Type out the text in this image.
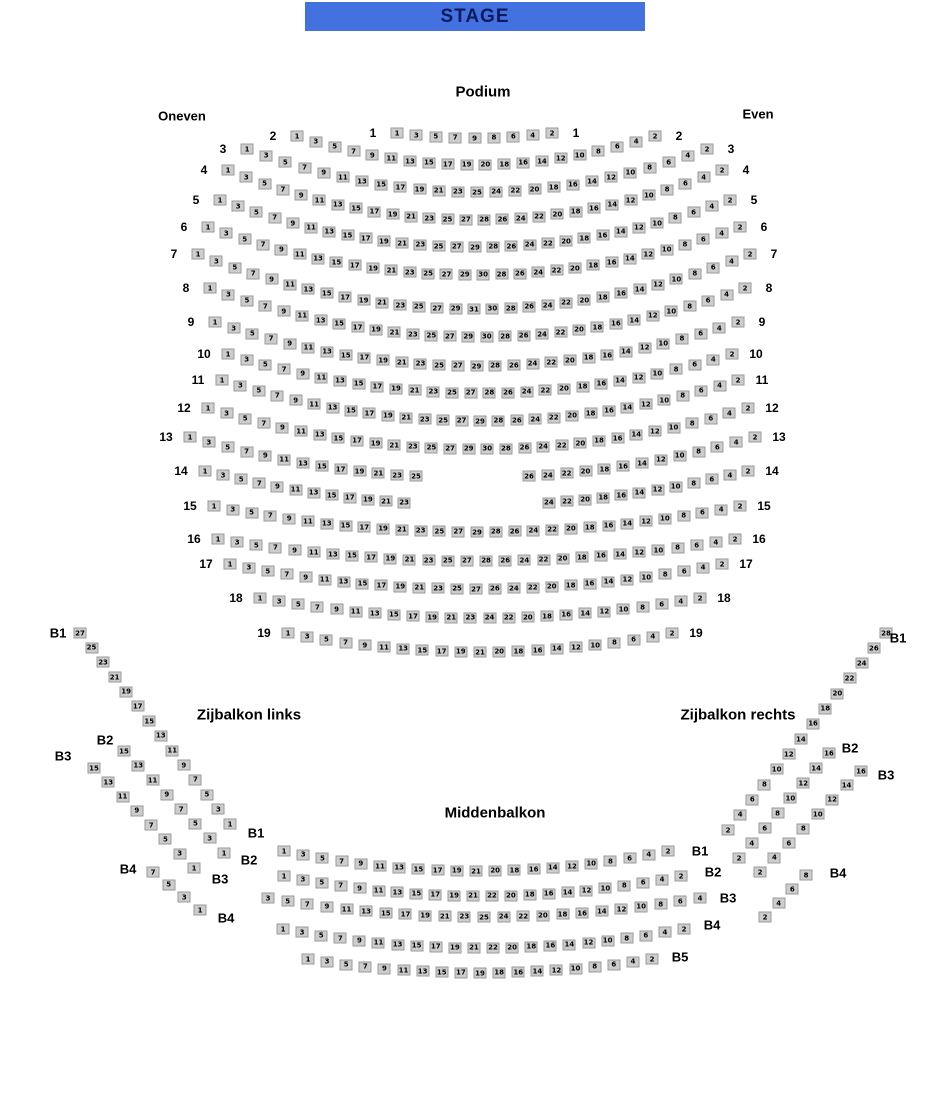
STAGE
Podium
Oneven	Even
Zijbalkon links	Zijbalkon rechts
Middenbalkon
1	3	5	7	9	8	6	4	2
1	1
1
3
5
7	9	11 13 15 17 19 20 18 16 14 12 10	8
6
4
2
2	2
1
3
5
7
9
11 13 15 17 19 21 23 25 24 22 20 18 16 14 12
10
8
6
4
2
3	3
1
3
5
7
9
11
13 15 17 19 21 23 25 27 28 26 24 22 20 18 16 14
12
10
8
6
4
2
4	4
1
3
5
7
9
11
13 15 17 19 21 23 25 27 29 28 26 24 22 20 18 16 14
12
10
8
6
4
2
5	5
1
3
5
7
9
11
13 15 17 19 21 23 25 27 29 30 28 26 24 22 20 18 16 14
12
10
8
6
4
2
6	6
1
3
5
7
9
11
13
15 17 19 21 23 25 27 29 31 30 28 26 24 22 20 18 16
14
12
10
8
6
4
2
7	7
1
3
5
7
9
11
13 15 17 19 21 23 25 27 29 30 28 26 24 22 20 18 16 14
12
10
8
6
4
2
8	8
1
3
5
7
9
11 13 15 17 19 21 23 25 27 29 28 26 24 22 20 18 16 14 12
10
8
6
4
2
9	9
1
3
5
7
9	11 13 15 17 19 21 23 25 27 28 26 24 22 20 18 16 14 12 10
8
6
4
2
10	10
1
3
5
7
9	11 13 15 17 19 21 23 25 27 29 28 26 24 22 20 18 16 14 12 10
8
6
4
2
11	11
1
3
5
7
9	11 13 15 17 19 21 23 25 27 29 30 28 26 24 22 20 18 16 14 12 10
8
6
4
2
12	12
1
3
5
7
9	11 13 15 17 19 21 23 25	26 24 22 20 18 16 14 12 10
8
6
4
2
13	13
1
3
5	7	9	11 13 15 17 19 21 23	24 22 20 18 16 14 12 10	8	6
4
2
14	14
1	3	5	7	9	11 13 15 17 19 21 23 25 27 29 28 26 24 22 20 18 16 14 12 10	8	6	4	2
15	15
1	3	5	7	9	11 13 15 17 19 21 23 25 27 28 26 24 22 20 18 16 14 12 10	8	6	4	2
16	16
1	3	5	7	9	11 13 15 17 19 21 23 25 27 26 24 22 20 18 16 14 12 10	8	6	4	2
17	17
1	3	5	7	9	11 13 15 17 19 21 23 24 22 20 18 16 14 12 10	8	6	4	2
18	18
1	3	5	7	9	11 13 15 17 19 21 20 18 16 14 12 10	8	6	4	2
19	19
27
25
23
21
19
17
15
13
11
9
7
5
3
1
B1
B1
15
13
11
9
7
5
3
1
B2
B2
15
13
11
9
7
5
3
1
B3
B3
7
5
3
1
B4
B4
28
26
24
22
20
18
16
14
12
10
8
6
4
2
B1
16
14
12
10
8
6
4
2
B2
16
14
12
10
8
6
4
2
B3
8
6
4
2
B4
1	3	5	7	9	11 13 15 17 19 21 20 18 16 14 12 10	8	6	4	2	B1
1	3	5	7	9	11 13 15 17 19 21 22 20 18 16 14 12 10	8	6	4	2	B2
3	5	7	9	11 13 15 17 19 21 23 25 24 22 20 18 16 14 12 10	8	6	4	B3
1	3	5	7	9	11 13 15 17 19 21 22 20 18 16 14 12 10	8	6	4	2	B4
1	3	5	7	9	11 13 15 17 19 18 16 14 12 10	8	6	4	2	B5
